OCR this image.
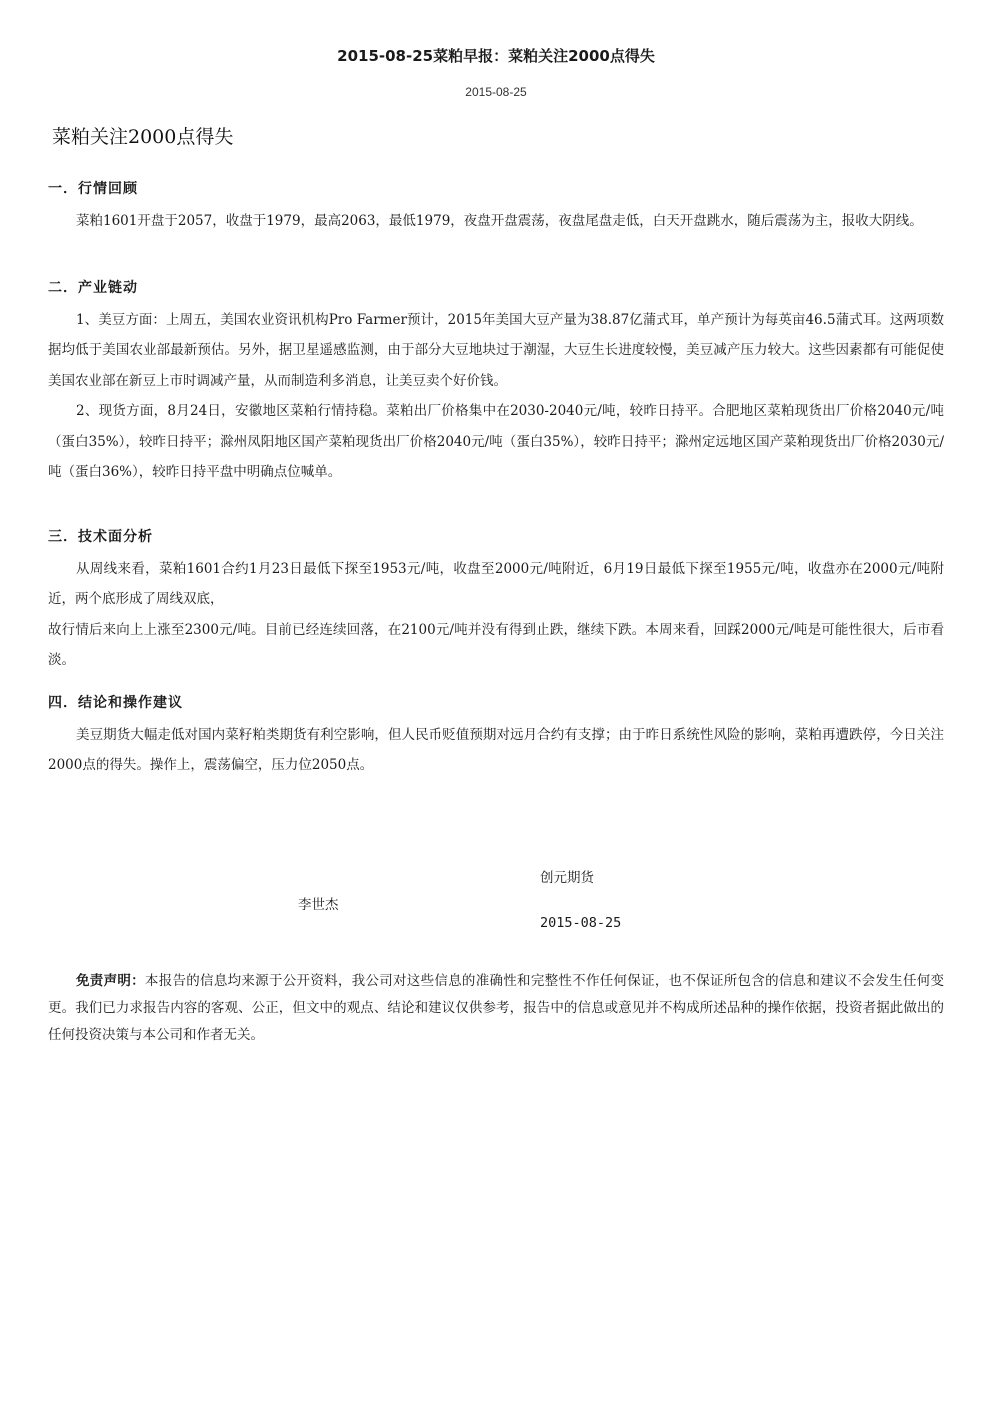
2015-08-25菜粕早报：菜粕关注2000点得失
2015-08-25
菜粕关注2000点得失
一．行情回顾

菜粕1601开盘于2057，收盘于1979，最高2063，最低1979，夜盘开盘震荡，夜盘尾盘走低，白天开盘跳水，随后震荡为主，报收大阴线。

二．产业链动

1、美豆方面：上周五，美国农业资讯机构Pro Farmer预计，2015年美国大豆产量为38.87亿蒲式耳，单产预计为每英亩46.5蒲式耳。这两项数据均低于美国农业部最新预估。另外，据卫星遥感监测，由于部分大豆地块过于潮湿，大豆生长进度较慢，美豆减产压力较大。这些因素都有可能促使美国农业部在新豆上市时调减产量，从而制造利多消息，让美豆卖个好价钱。

2、现货方面，8月24日，安徽地区菜粕行情持稳。菜粕出厂价格集中在2030-2040元/吨，较昨日持平。合肥地区菜粕现货出厂价格2040元/吨（蛋白35%），较昨日持平；滁州凤阳地区国产菜粕现货出厂价格2040元/吨（蛋白35%），较昨日持平；滁州定远地区国产菜粕现货出厂价格2030元/吨（蛋白36%），较昨日持平盘中明确点位喊单。

三．技术面分析

从周线来看，菜粕1601合约1月23日最低下探至1953元/吨，收盘至2000元/吨附近，6月19日最低下探至1955元/吨，收盘亦在2000元/吨附近，两个底形成了周线双底，

故行情后来向上上涨至2300元/吨。目前已经连续回落，在2100元/吨并没有得到止跌，继续下跌。本周来看，回踩2000元/吨是可能性很大，后市看淡。

四．结论和操作建议

美豆期货大幅走低对国内菜籽粕类期货有利空影响，但人民币贬值预期对远月合约有支撑；由于昨日系统性风险的影响，菜粕再遭跌停，今日关注2000点的得失。操作上，震荡偏空，压力位2050点。

创元期货
李世杰
2015-08-25

免责声明：本报告的信息均来源于公开资料，我公司对这些信息的准确性和完整性不作任何保证，也不保证所包含的信息和建议不会发生任何变更。我们已力求报告内容的客观、公正，但文中的观点、结论和建议仅供参考，报告中的信息或意见并不构成所述品种的操作依据，投资者据此做出的任何投资决策与本公司和作者无关。
